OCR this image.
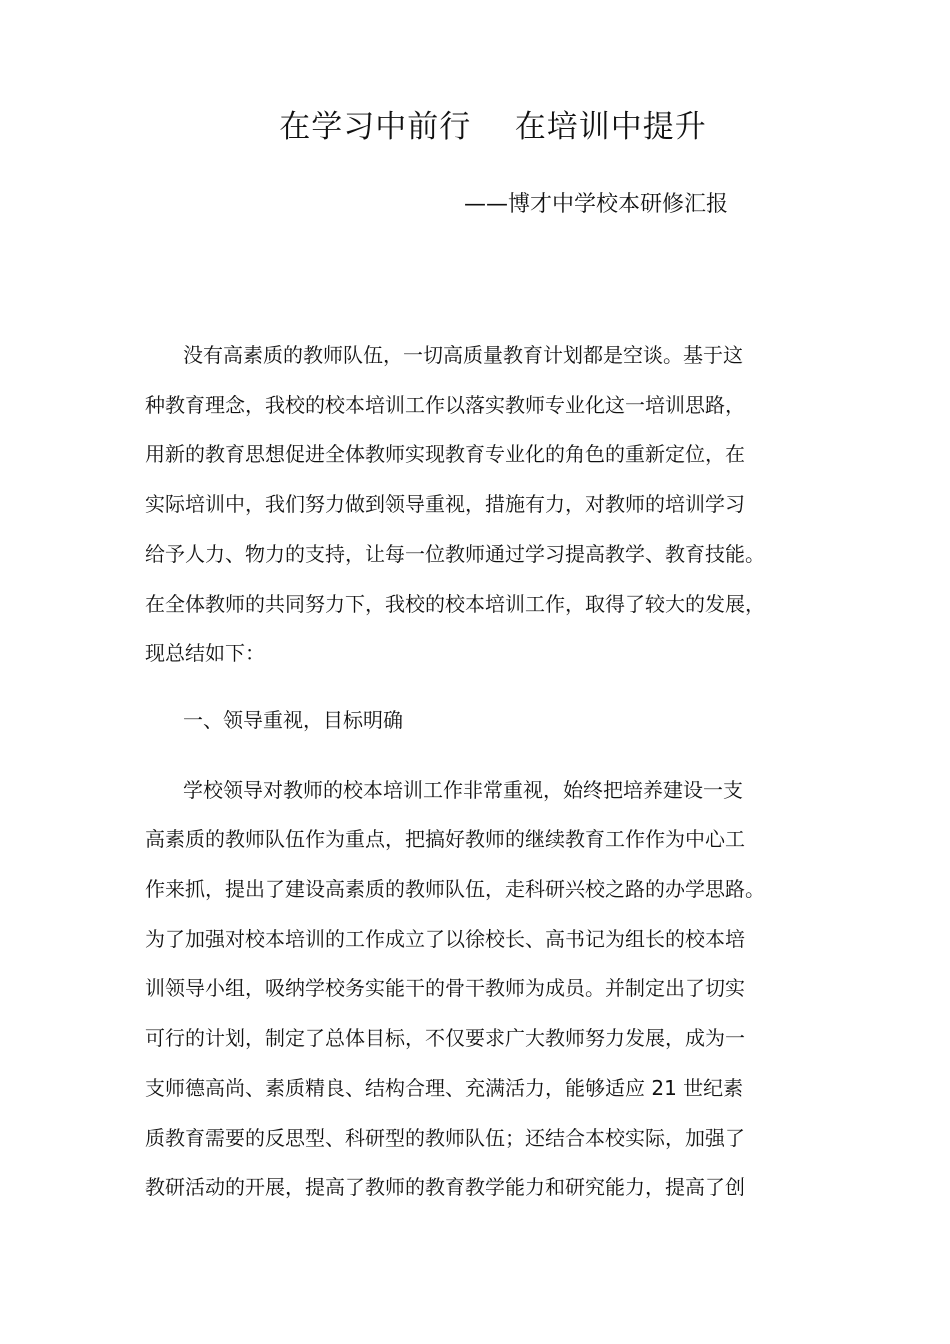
在学习中前行    在培训中提升
——博才中学校本研修汇报

没有高素质的教师队伍，一切高质量教育计划都是空谈。基于这
种教育理念，我校的校本培训工作以落实教师专业化这一培训思路，
用新的教育思想促进全体教师实现教育专业化的角色的重新定位，在
实际培训中，我们努力做到领导重视，措施有力，对教师的培训学习
给予人力、物力的支持，让每一位教师通过学习提高教学、教育技能。
在全体教师的共同努力下，我校的校本培训工作，取得了较大的发展，
现总结如下：

一、领导重视，目标明确

学校领导对教师的校本培训工作非常重视，始终把培养建设一支
高素质的教师队伍作为重点，把搞好教师的继续教育工作作为中心工
作来抓，提出了建设高素质的教师队伍，走科研兴校之路的办学思路。
为了加强对校本培训的工作成立了以徐校长、高书记为组长的校本培
训领导小组，吸纳学校务实能干的骨干教师为成员。并制定出了切实
可行的计划，制定了总体目标，不仅要求广大教师努力发展，成为一
支师德高尚、素质精良、结构合理、充满活力，能够适应 21 世纪素
质教育需要的反思型、科研型的教师队伍；还结合本校实际，加强了
教研活动的开展，提高了教师的教育教学能力和研究能力，提高了创
